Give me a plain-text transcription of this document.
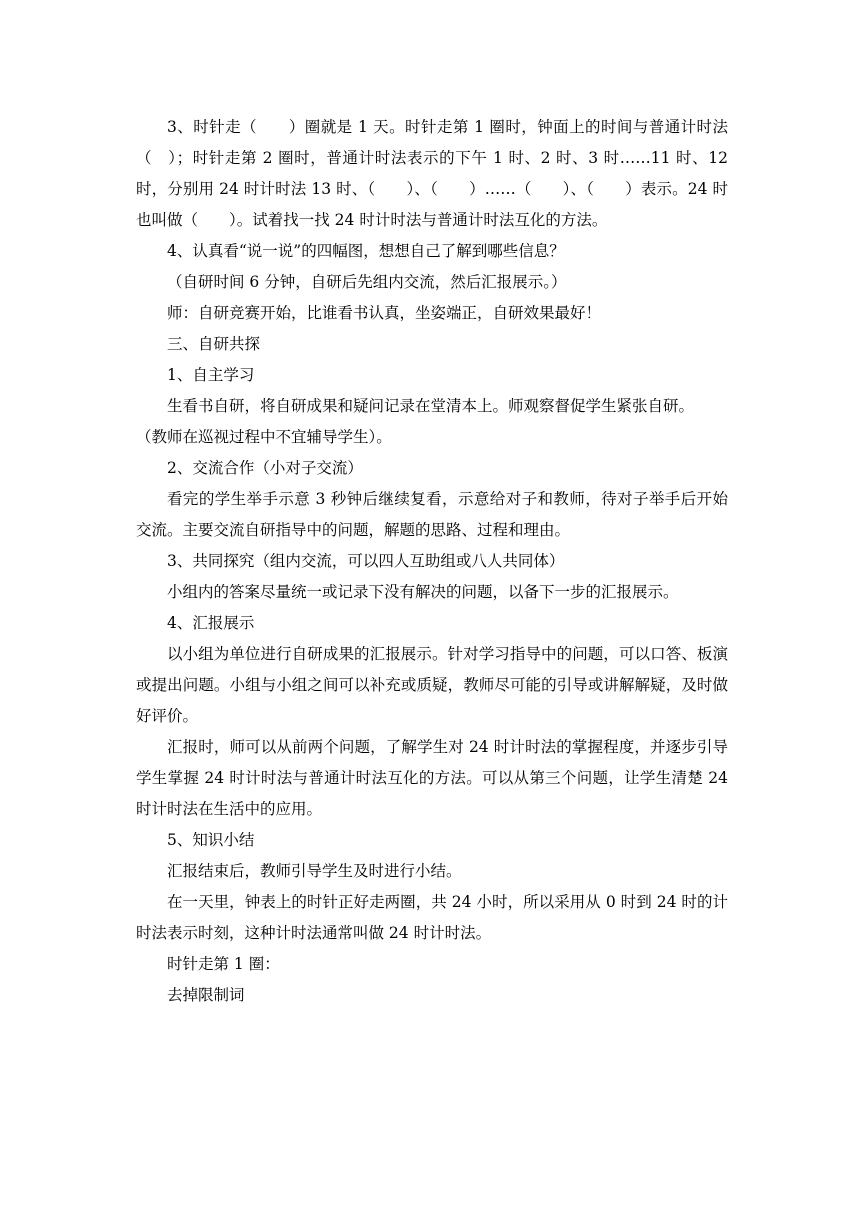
3、时针走（　　）圈就是 1 天。时针走第 1 圈时，钟面上的时间与普通计时法（　）；时针走第 2 圈时，普通计时法表示的下午 1 时、2 时、3 时……11 时、12 时，分别用 24 时计时法 13 时、（　　）、（　　）……（　　）、（　　）表示。24 时也叫做（　　）。试着找一找 24 时计时法与普通计时法互化的方法。

4、认真看“说一说”的四幅图，想想自己了解到哪些信息？

（自研时间 6 分钟，自研后先组内交流，然后汇报展示。）

师：自研竞赛开始，比谁看书认真，坐姿端正，自研效果最好！

三、自研共探

1、自主学习

生看书自研，将自研成果和疑问记录在堂清本上。师观察督促学生紧张自研。

（教师在巡视过程中不宜辅导学生）。

2、交流合作（小对子交流）

看完的学生举手示意 3 秒钟后继续复看，示意给对子和教师，待对子举手后开始交流。主要交流自研指导中的问题，解题的思路、过程和理由。

3、共同探究（组内交流，可以四人互助组或八人共同体）

小组内的答案尽量统一或记录下没有解决的问题，以备下一步的汇报展示。

4、汇报展示

以小组为单位进行自研成果的汇报展示。针对学习指导中的问题，可以口答、板演或提出问题。小组与小组之间可以补充或质疑，教师尽可能的引导或讲解解疑，及时做好评价。

汇报时，师可以从前两个问题，了解学生对 24 时计时法的掌握程度，并逐步引导学生掌握 24 时计时法与普通计时法互化的方法。可以从第三个问题，让学生清楚 24 时计时法在生活中的应用。

5、知识小结

汇报结束后，教师引导学生及时进行小结。

在一天里，钟表上的时针正好走两圈，共 24 小时，所以采用从 0 时到 24 时的计时法表示时刻，这种计时法通常叫做 24 时计时法。

时针走第 1 圈：

去掉限制词
